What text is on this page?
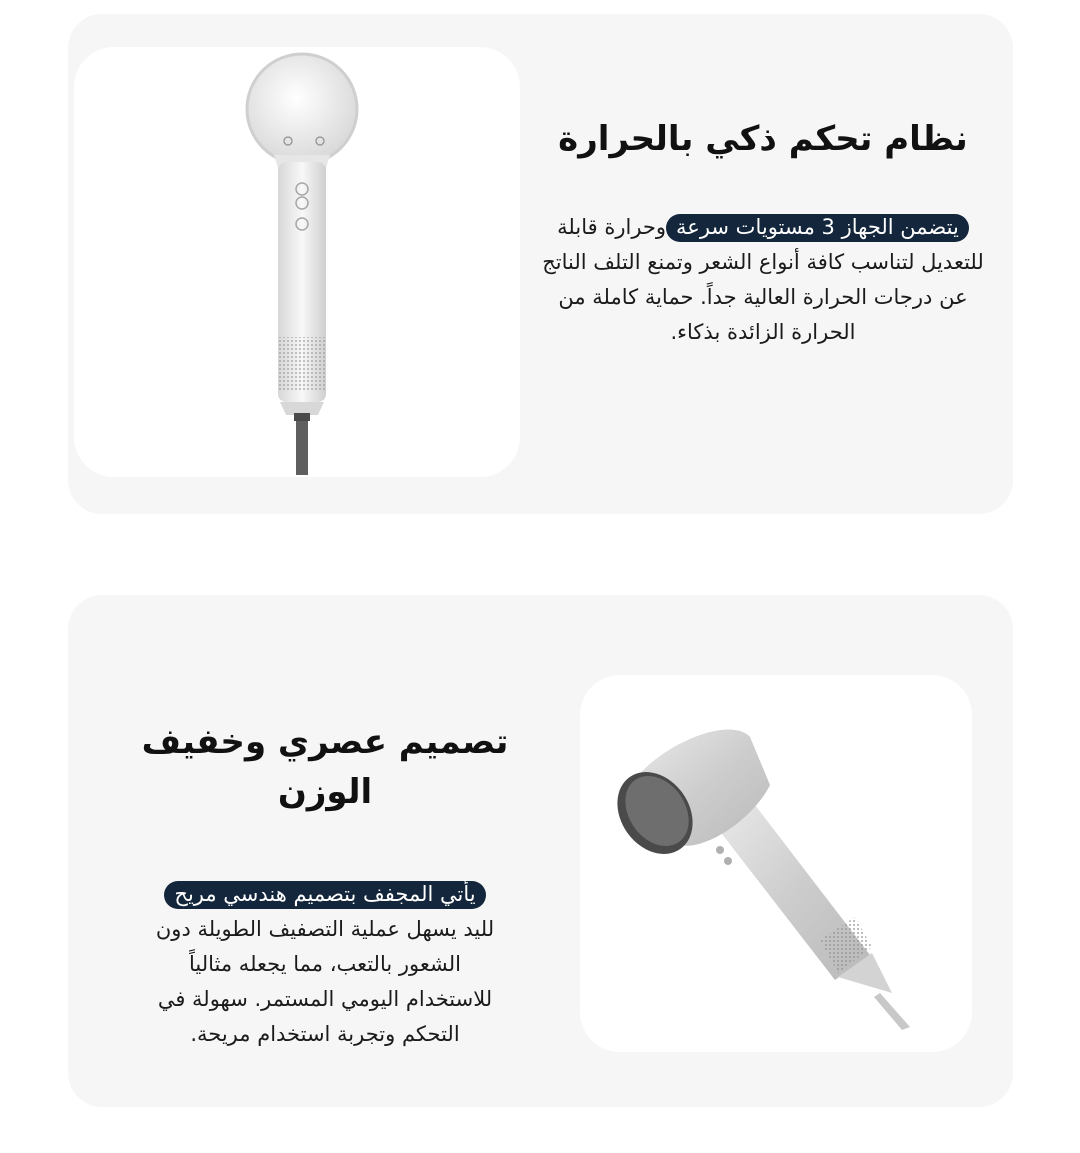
نظام تحكم ذكي بالحرارة

يتضمن الجهاز 3 مستويات سرعةوحرارة قابلة للتعديل لتناسب كافة أنواع الشعر وتمنع التلف الناتج عن درجات الحرارة العالية جداً. حماية كاملة من الحرارة الزائدة بذكاء.

تصميم عصري وخفيف الوزن

يأتي المجفف بتصميم هندسي مريح لليد يسهل عملية التصفيف الطويلة دون الشعور بالتعب، مما يجعله مثالياً للاستخدام اليومي المستمر. سهولة في التحكم وتجربة استخدام مريحة.
